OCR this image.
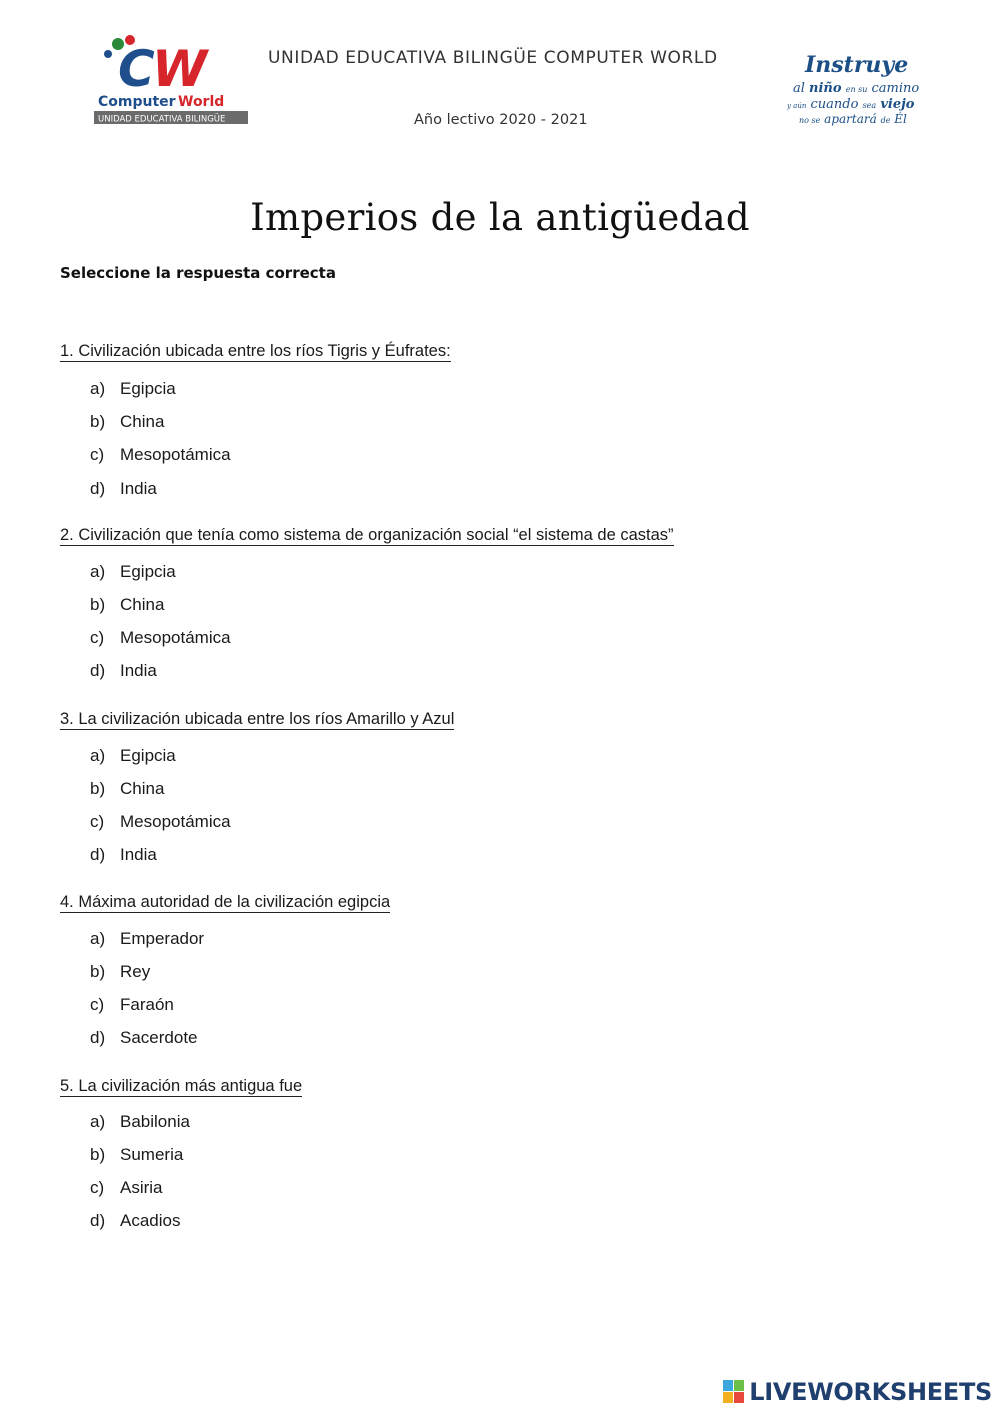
C
W
Computer World
UNIDAD EDUCATIVA BILINGÜE
UNIDAD EDUCATIVA BILINGÜE COMPUTER WORLD
Año lectivo 2020 - 2021
Instruye
al niño en su camino
y aún cuando sea viejo
no se apartará de Él
Imperios de la antigüedad
Seleccione la respuesta correcta
1. Civilización ubicada entre los ríos Tigris y Éufrates:
a) Egipcia
b) China
c) Mesopotámica
d) India
2. Civilización que tenía como sistema de organización social “el sistema de castas”
a) Egipcia
b) China
c) Mesopotámica
d) India
3. La civilización ubicada entre los ríos Amarillo y Azul
a) Egipcia
b) China
c) Mesopotámica
d) India
4. Máxima autoridad de la civilización egipcia
a) Emperador
b) Rey
c) Faraón
d) Sacerdote
5. La civilización más antigua fue
a) Babilonia
b) Sumeria
c) Asiria
d) Acadios
LIVEWORKSHEETS
